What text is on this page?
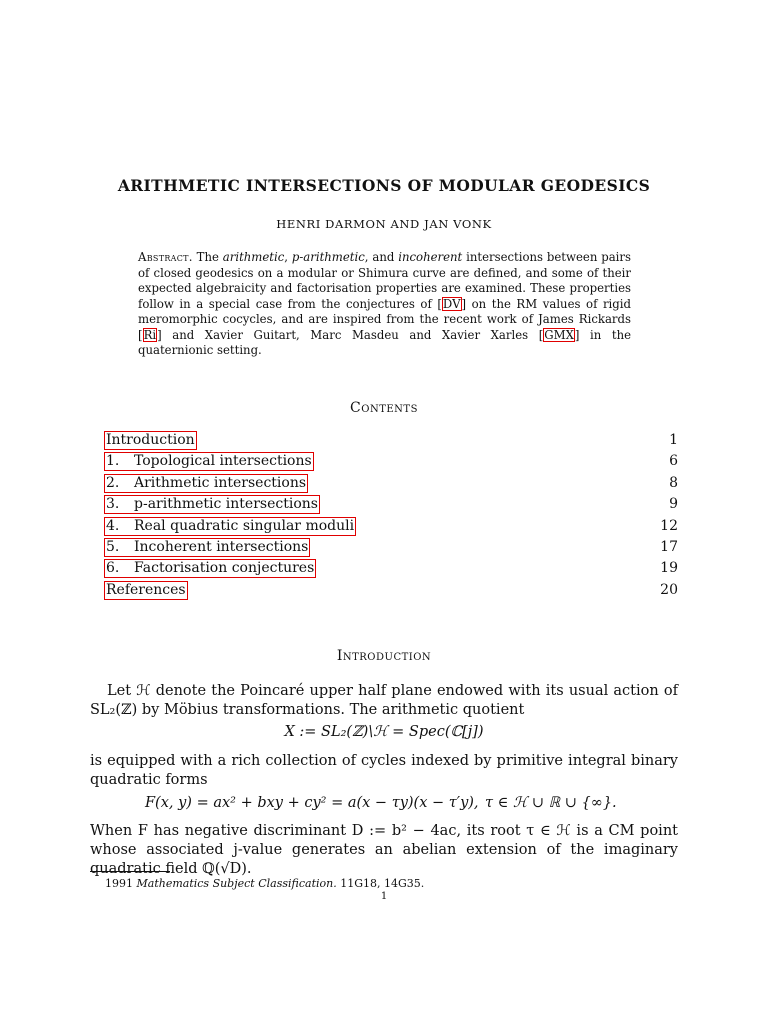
ARITHMETIC INTERSECTIONS OF MODULAR GEODESICS
HENRI DARMON AND JAN VONK
Abstract. The arithmetic, p-arithmetic, and incoherent intersections between pairs of closed geodesics on a modular or Shimura curve are defined, and some of their expected algebraicity and factorisation properties are examined. These properties follow in a special case from the conjectures of [DV] on the RM values of rigid meromorphic cocycles, and are inspired from the recent work of James Rickards [Ri] and Xavier Guitart, Marc Masdeu and Xavier Xarles [GMX] in the quaternionic setting.
Contents
Introduction	1
1. Topological intersections	6
2. Arithmetic intersections	8
3. p-arithmetic intersections	9
4. Real quadratic singular moduli	12
5. Incoherent intersections	17
6. Factorisation conjectures	19
References	20
Introduction
Let ℋ denote the Poincaré upper half plane endowed with its usual action of SL₂(ℤ) by Möbius transformations. The arithmetic quotient
X := SL₂(ℤ)\ℋ = Spec(ℂ[j])
is equipped with a rich collection of cycles indexed by primitive integral binary quadratic forms
F(x, y) = ax² + bxy + cy² = a(x − τy)(x − τ′y), τ ∈ ℋ ∪ ℝ ∪ {∞}.
When F has negative discriminant D := b² − 4ac, its root τ ∈ ℋ is a CM point whose associated j-value generates an abelian extension of the imaginary quadratic field ℚ(√D).
1991 Mathematics Subject Classification. 11G18, 14G35.
1
